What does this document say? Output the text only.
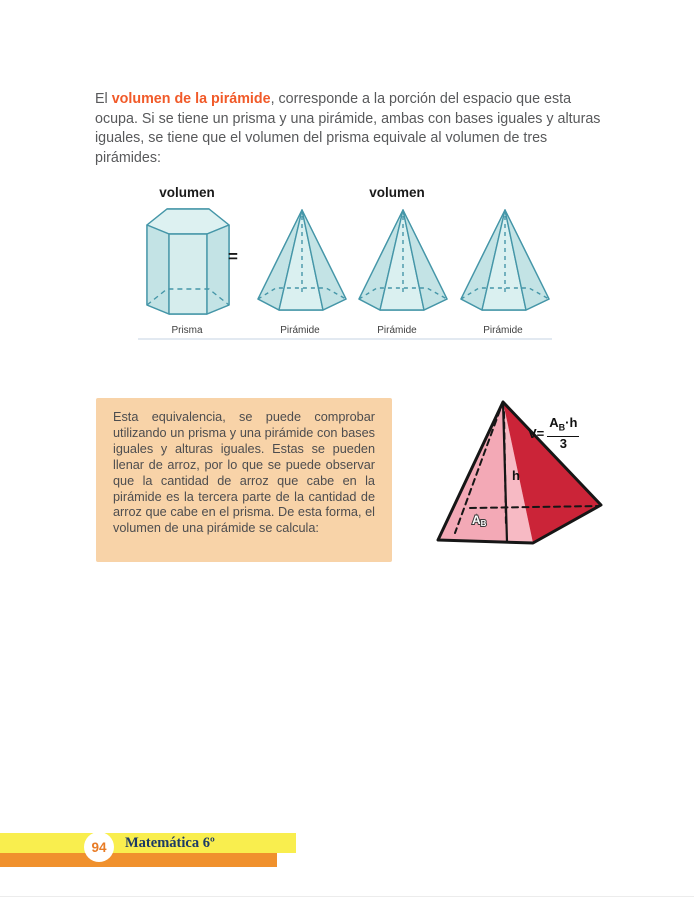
El volumen de la pirámide, corresponde a la porción del espacio que esta ocupa. Si se tiene un prisma y una pirámide, ambas con bases iguales y alturas iguales, se tiene que el volumen del prisma equivale al volumen de tres pirámides:

volumen	volumen
=
Prisma	Pirámide	Pirámide	Pirámide

Esta equivalencia, se puede comprobar utilizando un prisma y una pirámide con bases iguales y alturas iguales. Estas se pueden llenar de arroz, por lo que se puede observar que la cantidad de arroz que cabe en la pirámide es la tercera parte de la cantidad de arroz que cabe en el prisma. De esta forma, el volumen de una pirámide se calcula:

h
AB
$V= \frac{A_B\cdot h}{3}$
94 Matemática 6º
